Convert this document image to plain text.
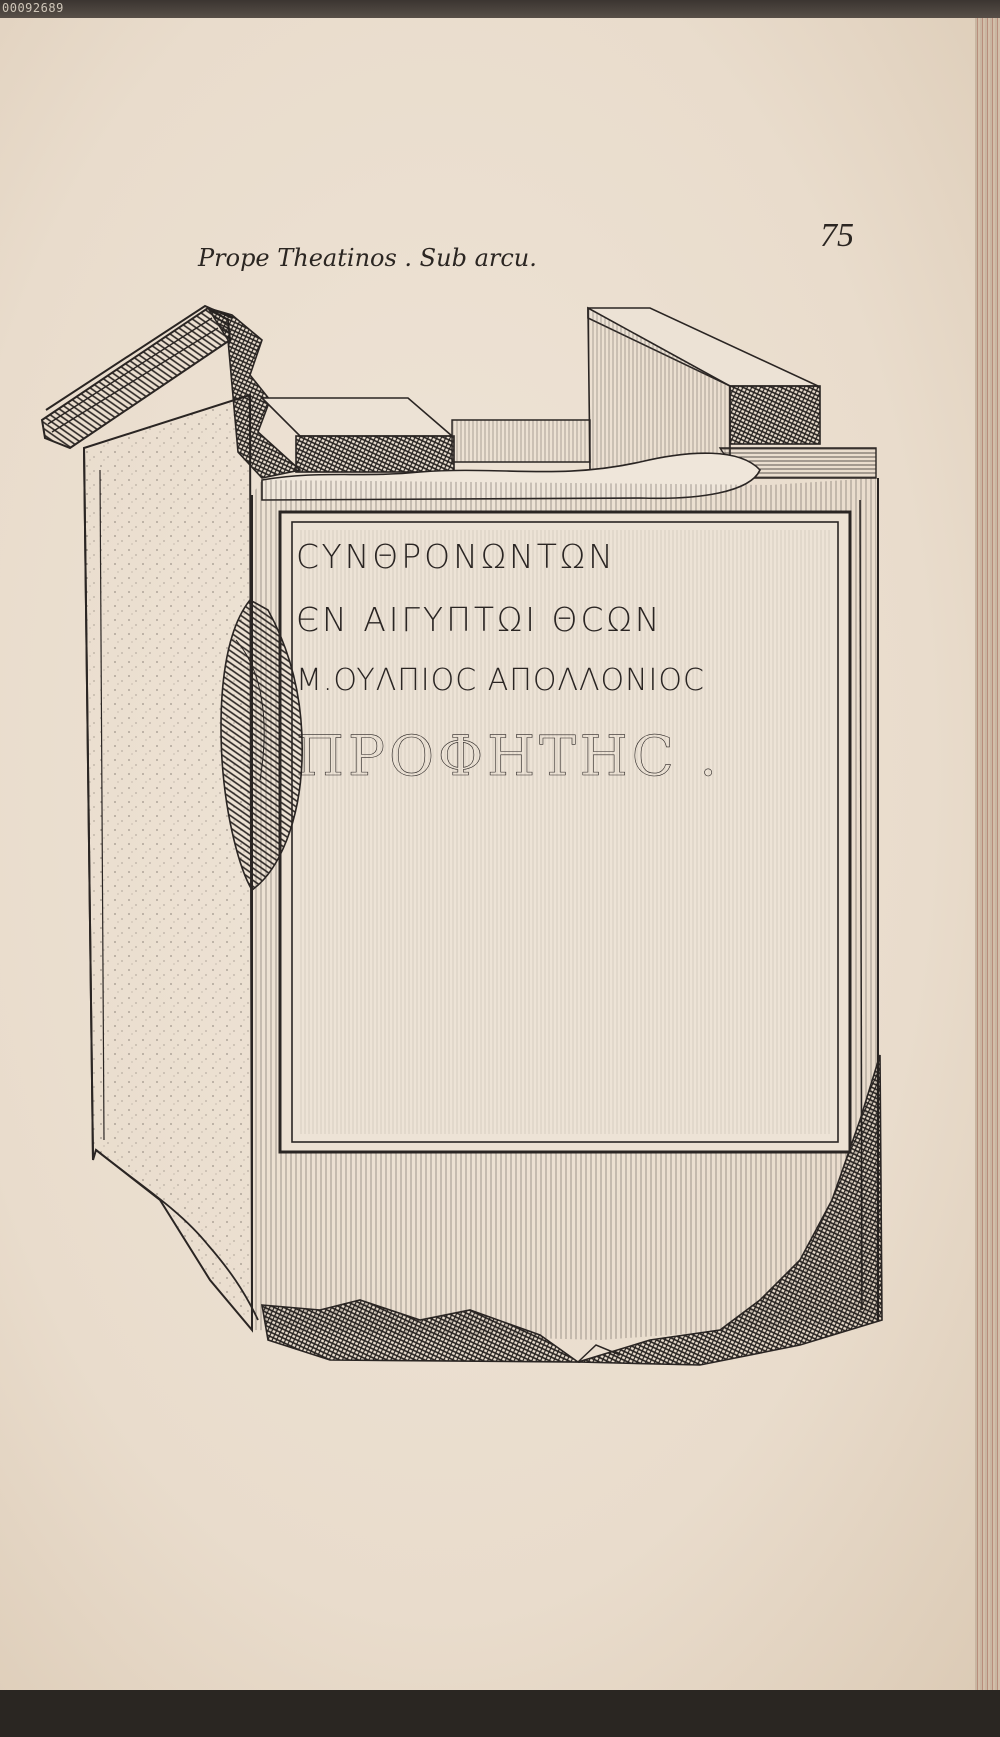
00092689

Prope Theatinos . Sub arcu.

75

CYNΘPONΩNTΩN
ЄN AIΓYΠTΩI ΘCΩN
M.OYΛΠIOC AΠOΛΛONIOC
ΠPOΦHTHC .
